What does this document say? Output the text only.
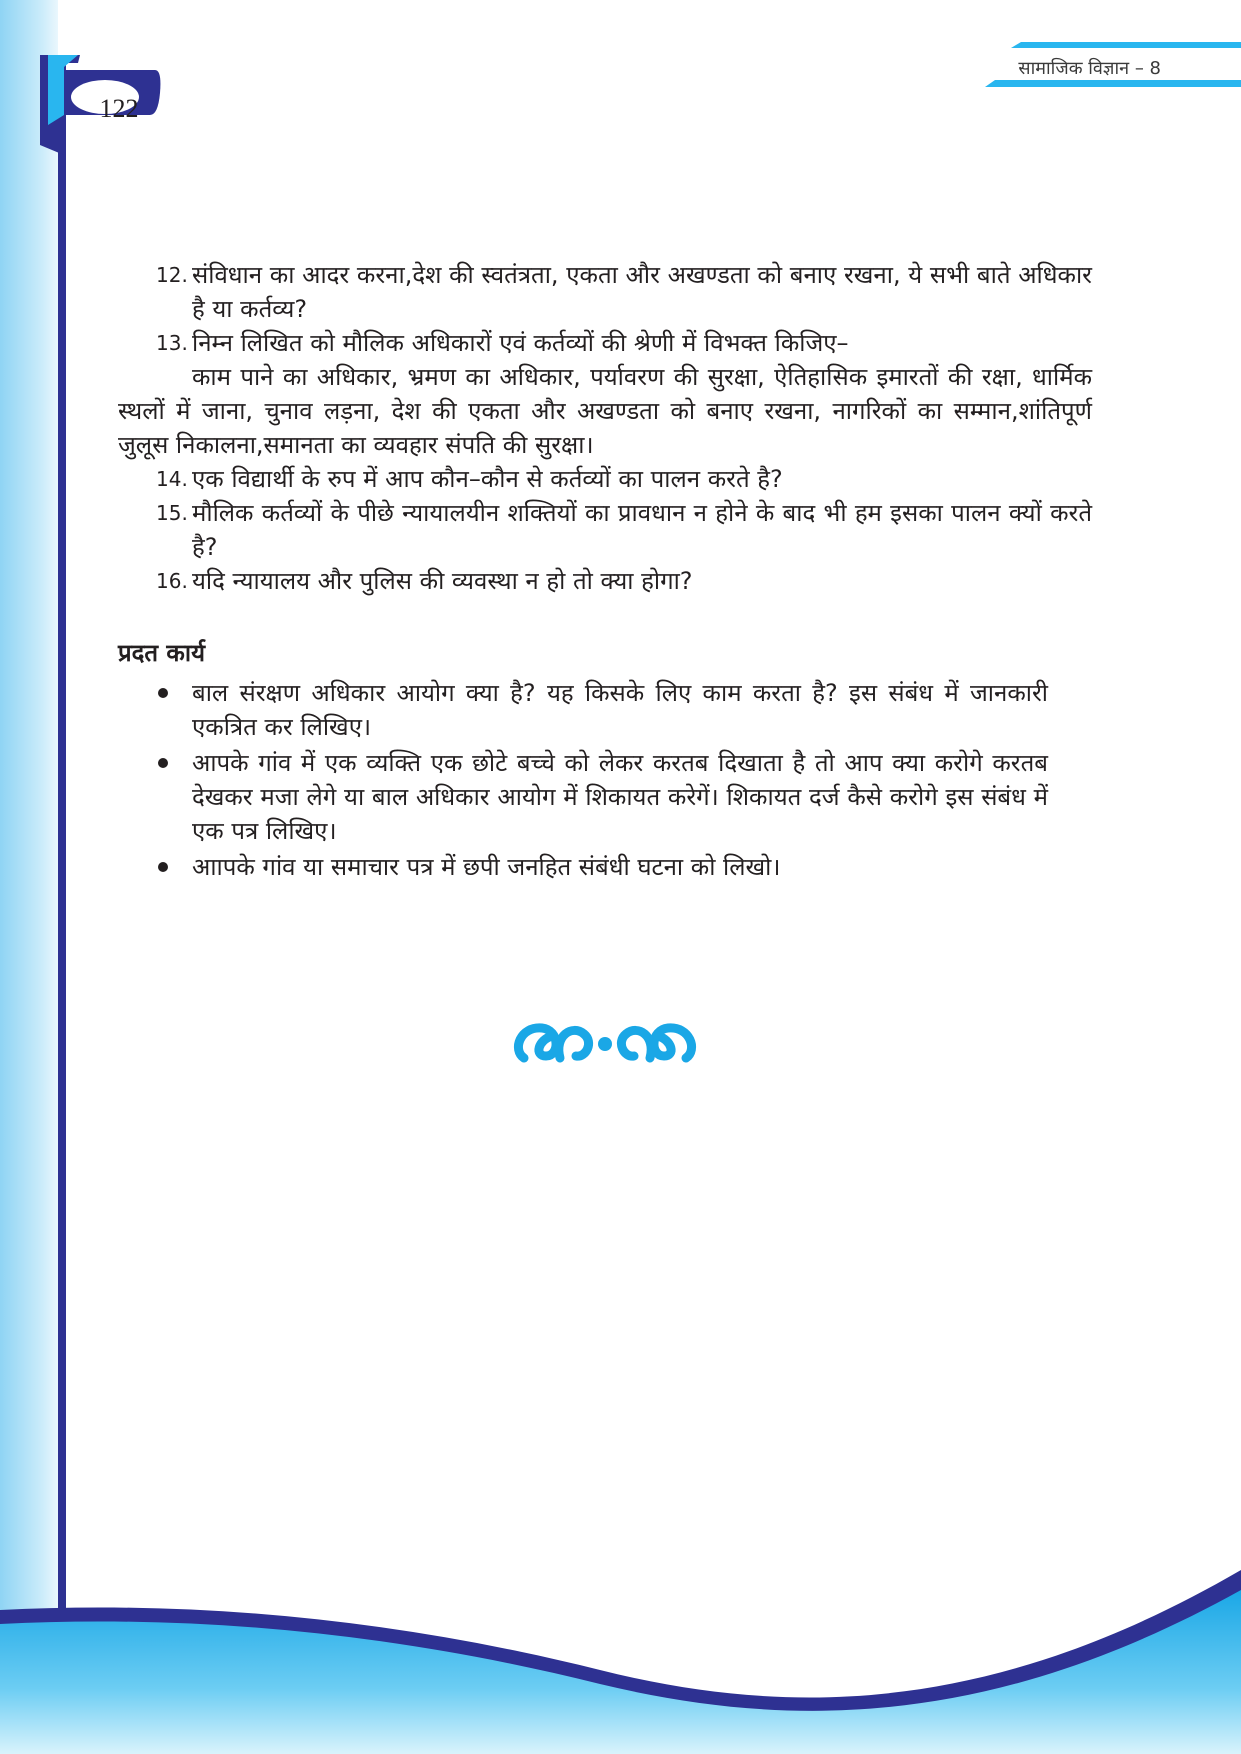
122
सामाजिक विज्ञान – 8
12. संविधान का आदर करना,देश की स्वतंत्रता, एकता और अखण्डता को बनाए रखना, ये सभी बाते अधिकार है या कर्तव्य?
13. निम्न लिखित को मौलिक अधिकारों एवं कर्तव्यों की श्रेणी में विभक्त किजिए–

काम पाने का अधिकार, भ्रमण का अधिकार, पर्यावरण की सुरक्षा, ऐतिहासिक इमारतों की रक्षा, धार्मिक स्थलों में जाना, चुनाव लड़ना, देश की एकता और अखण्डता को बनाए रखना, नागरिकों का सम्मान,शांतिपूर्ण जुलूस निकालना,समानता का व्यवहार संपति की सुरक्षा।

14. एक विद्यार्थी के रुप में आप कौन–कौन से कर्तव्यों का पालन करते है?
15. मौलिक कर्तव्यों के पीछे न्यायालयीन शक्तियों का प्रावधान न होने के बाद भी हम इसका पालन क्यों करते है?
16. यदि न्यायालय और पुलिस की व्यवस्था न हो तो क्या होगा?
प्रदत कार्य
बाल संरक्षण अधिकार आयोग क्या है? यह किसके लिए काम करता है? इस संबंध में जानकारी एकत्रित कर लिखिए।
आपके गांव में एक व्यक्ति एक छोटे बच्चे को लेकर करतब दिखाता है तो आप क्या करोगे करतब देखकर मजा लेगे या बाल अधिकार आयोग में शिकायत करेगें। शिकायत दर्ज कैसे करोगे इस संबंध में एक पत्र लिखिए।
आापके गांव या समाचार पत्र में छपी जनहित संबंधी घटना को लिखो।
